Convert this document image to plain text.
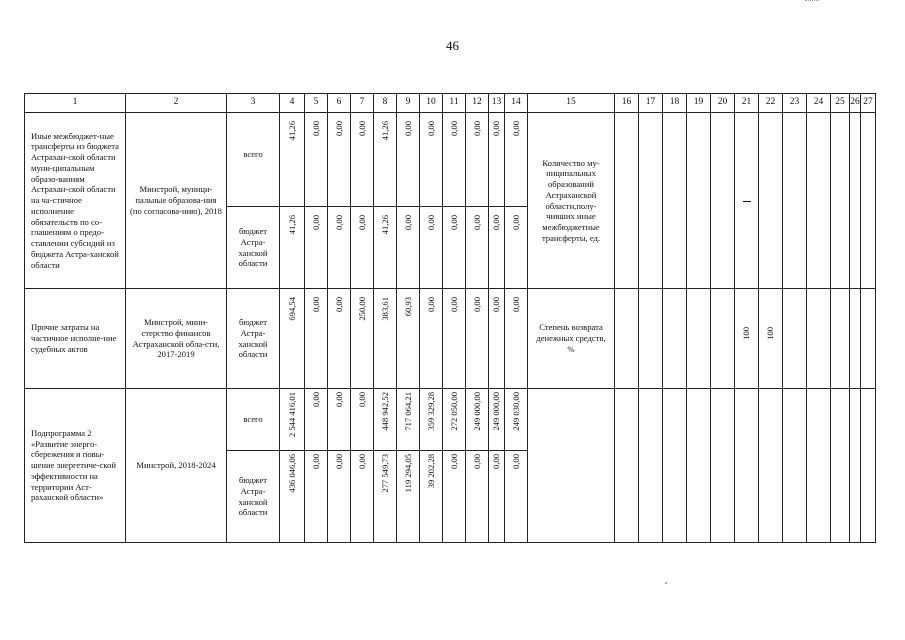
46
1	2	3	4	5	6	7	8	9	10	11	12	13	14	15	16	17	18	19	20	21	22	23	24	25	26	27
Иные межбюджет-ные трансферты из бюджета Астрахан-ской области муни-ципальным образо-ваниям Астрахан-ской области на ча-стичное исполнение обязательств по со-глашениям о предо-ставлении субсидий из бюджета Астра-ханской области	Минстрой, муници-пальные образова-ния (по согласова-нию), 2018	всего	41,26	0,00	0,00	0,00	41,26	0,00	0,00	0,00	0,00	0,00	0,00	Количество му-ниципальных образований Астраханской области,полу-чивших иные межбюджетные трансферты, ед.												
		бюджет Астра-ханской области	41,26	0,00	0,00	0,00	41,26	0,00	0,00	0,00	0,00	0,00	0,00													
Прочие затраты на частичное исполне-ние судебных актов	Минстрой, мини-стерство финансов Астраханской обла-сти, 2017-2019	бюджет Астра-ханской области	694,54	0,00	0,00	250,00	383,61	60,93	0,00	0,00	0,00	0,00	0,00	Степень возврата денежных средств, %						100	100					
Подпрограмма 2 «Развитие энерго-сбережения и повы-шение энергетиче-ской эффективности на территории Аст-раханской области»	Минстрой, 2018-2024	всего	2 544 416,01	0,00	0,00	0,00	448 942,52	717 064,21	359 329,28	272 050,00	249 000,00	249 000,00	249 030,00													
		бюджет Астра-ханской области	436 046,06	0,00	0,00	0,00	277 549,73	119 294,05	39 202,28	0,00	0,00	0,00	0,00													
